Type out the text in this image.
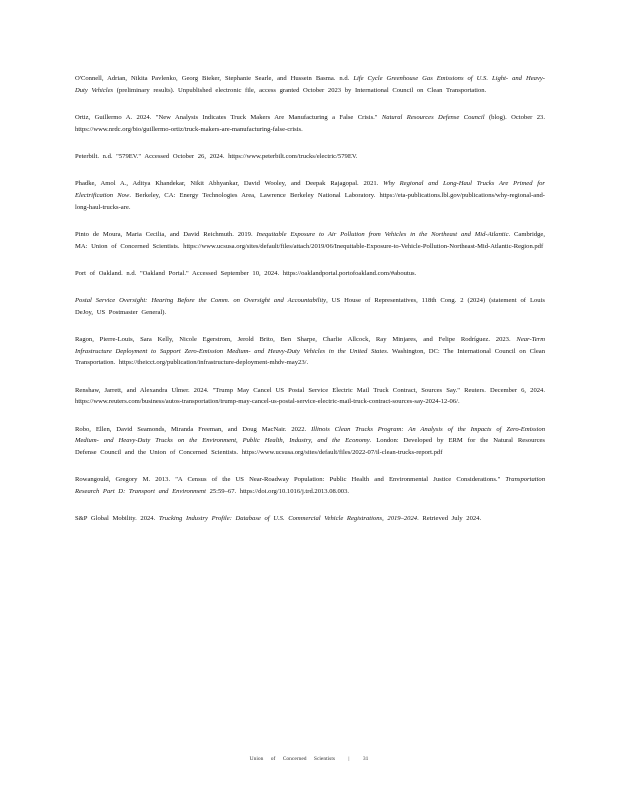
O'Connell, Adrian, Nikita Pavlenko, Georg Bieker, Stephanie Searle, and Hussein Basma. n.d. Life Cycle Greenhouse Gas Emissions of U.S. Light- and Heavy-Duty Vehicles (preliminary results). Unpublished electronic file, access granted October 2023 by International Council on Clean Transportation.

Ortiz, Guillermo A. 2024. "New Analysis Indicates Truck Makers Are Manufacturing a False Crisis." Natural Resources Defense Council (blog). October 23. https://www.nrdc.org/bio/guillermo-ortiz/truck-makers-are-manufacturing-false-crisis.

Peterbilt. n.d. "579EV." Accessed October 26, 2024. https://www.peterbilt.com/trucks/electric/579EV.

Phadke, Amol A., Aditya Khandekar, Nikit Abhyankar, David Wooley, and Deepak Rajagopal. 2021. Why Regional and Long-Haul Trucks Are Primed for Electrification Now. Berkeley, CA: Energy Technologies Area, Lawrence Berkeley National Laboratory. https://eta-publications.lbl.gov/publications/why-regional-and-long-haul-trucks-are.

Pinto de Moura, Maria Cecilia, and David Reichmuth. 2019. Inequitable Exposure to Air Pollution from Vehicles in the Northeast and Mid-Atlantic. Cambridge, MA: Union of Concerned Scientists. https://www.ucsusa.org/sites/default/files/attach/2019/06/Inequitable-Exposure-to-Vehicle-Pollution-Northeast-Mid-Atlantic-Region.pdf

Port of Oakland. n.d. "Oakland Portal." Accessed September 10, 2024. https://oaklandportal.portofoakland.com/#aboutus.

Postal Service Oversight: Hearing Before the Comm. on Oversight and Accountability, US House of Representatives, 118th Cong. 2 (2024) (statement of Louis DeJoy, US Postmaster General).

Ragon, Pierre-Louis, Sara Kelly, Nicole Egerstrom, Jerold Brito, Ben Sharpe, Charlie Allcock, Ray Minjares, and Felipe Rodríguez. 2023. Near-Term Infrastructure Deployment to Support Zero-Emission Medium- and Heavy-Duty Vehicles in the United States. Washington, DC: The International Council on Clean Transportation. https://theicct.org/publication/infrastructure-deployment-mhdv-may23/.

Renshaw, Jarrett, and Alexandra Ulmer. 2024. "Trump May Cancel US Postal Service Electric Mail Truck Contract, Sources Say." Reuters. December 6, 2024. https://www.reuters.com/business/autos-transportation/trump-may-cancel-us-postal-service-electric-mail-truck-contract-sources-say-2024-12-06/.

Robo, Ellen, David Seamonds, Miranda Freeman, and Doug MacNair. 2022. Illinois Clean Trucks Program: An Analysis of the Impacts of Zero-Emission Medium- and Heavy-Duty Trucks on the Environment, Public Health, Industry, and the Economy. London: Developed by ERM for the Natural Resources Defense Council and the Union of Concerned Scientists. https://www.ucsusa.org/sites/default/files/2022-07/il-clean-trucks-report.pdf

Rowangould, Gregory M. 2013. "A Census of the US Near-Roadway Population: Public Health and Environmental Justice Considerations." Transportation Research Part D: Transport and Environment 25:59–67. https://doi.org/10.1016/j.trd.2013.08.003.

S&P Global Mobility. 2024. Trucking Industry Profile: Database of U.S. Commercial Vehicle Registrations, 2019–2024. Retrieved July 2024.

Union of Concerned Scientists | 31
